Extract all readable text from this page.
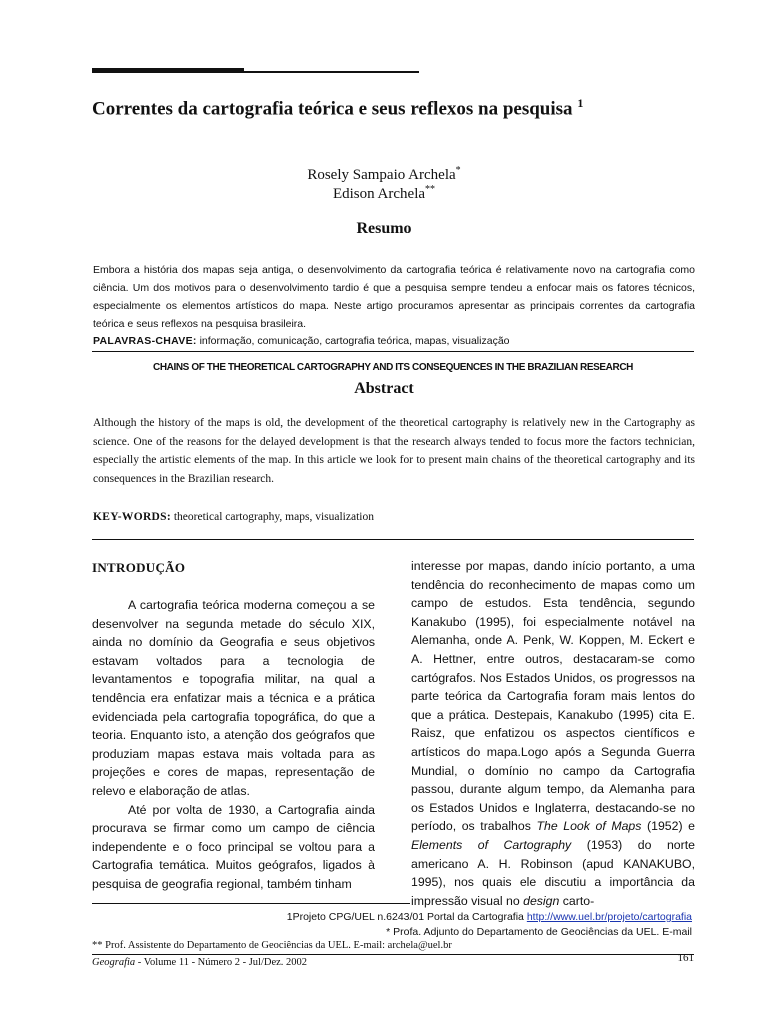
Correntes da cartografia teórica e seus reflexos na pesquisa $^1$
Rosely Sampaio Archela*
Edison Archela**
Resumo
Embora a história dos mapas seja antiga, o desenvolvimento da cartografia teórica é relativamente novo na cartografia como ciência. Um dos motivos para o desenvolvimento tardio é que a pesquisa sempre tendeu a enfocar mais os fatores técnicos, especialmente os elementos artísticos do mapa. Neste artigo procuramos apresentar as principais correntes da cartografia teórica e seus reflexos na pesquisa brasileira.
PALAVRAS-CHAVE: informação, comunicação, cartografia teórica, mapas, visualização
CHAINS OF THE THEORETICAL CARTOGRAPHY AND ITS CONSEQUENCES IN THE BRAZILIAN RESEARCH
Abstract
Although the history of the maps is old, the development of the theoretical cartography is relatively new in the Cartography as science. One of the reasons for the delayed development is that the research always tended to focus more the factors technician, especially the artistic elements of the map. In this article we look for to present main chains of the theoretical cartography and its consequences in the Brazilian research.
KEY-WORDS: theoretical cartography, maps, visualization
INTRODUÇÃO

A cartografia teórica moderna começou a se desenvolver na segunda metade do século XIX, ainda no domínio da Geografia e seus objetivos estavam voltados para a tecnologia de levantamentos e topografia militar, na qual a tendência era enfatizar mais a técnica e a prática evidenciada pela cartografia topográfica, do que a teoria. Enquanto isto, a atenção dos geógrafos que produziam mapas estava mais voltada para as projeções e cores de mapas, representação de relevo e elaboração de atlas.

Até por volta de 1930, a Cartografia ainda procurava se firmar como um campo de ciência independente e o foco principal se voltou para a Cartografia temática. Muitos geógrafos, ligados à pesquisa de geografia regional, também tinham

interesse por mapas, dando início portanto, a uma tendência do reconhecimento de mapas como um campo de estudos. Esta tendência, segundo Kanakubo (1995), foi especialmente notável na Alemanha, onde A. Penk, W. Koppen, M. Eckert e A. Hettner, entre outros, destacaram-se como cartógrafos. Nos Estados Unidos, os progressos na parte teórica da Cartografia foram mais lentos do que a prática. Destepais, Kanakubo (1995) cita E. Raisz, que enfatizou os aspectos científicos e artísticos do mapa.Logo após a Segunda Guerra Mundial, o domínio no campo da Cartografia passou, durante algum tempo, da Alemanha para os Estados Unidos e Inglaterra, destacando-se no período, os trabalhos The Look of Maps (1952) e Elements of Cartography (1953) do norte americano A. H. Robinson (apud KANAKUBO, 1995), nos quais ele discutiu a importância da impressão visual no design carto-

1Projeto CPG/UEL n.6243/01 Portal da Cartografia http://www.uel.br/projeto/cartografia
* Profa. Adjunto do Departamento de Geociências da UEL. E-mail
** Prof. Assistente do Departamento de Geociências da UEL. E-mail: archela@uel.br
Geografia - Volume 11 - Número 2 - Jul/Dez. 2002	161
